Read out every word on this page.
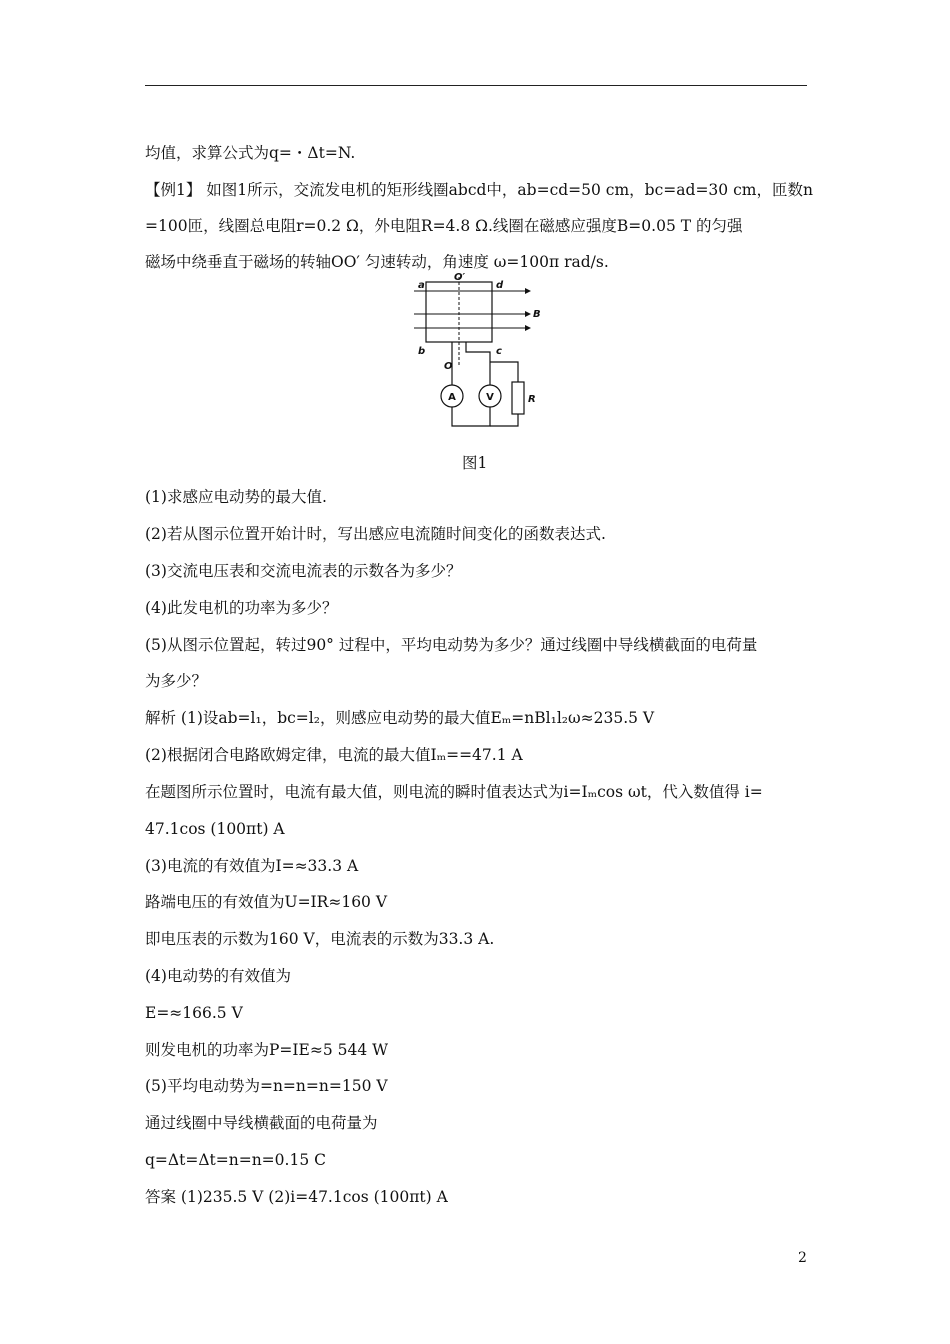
均值，求算公式为q=・Δt=N.
【例1】 如图1所示，交流发电机的矩形线圈abcd中，ab=cd=50 cm，bc=ad=30 cm，匝数n
=100匝，线圈总电阻r=0.2 Ω，外电阻R=4.8 Ω.线圈在磁感应强度B=0.05 T 的匀强
磁场中绕垂直于磁场的转轴OO′ 匀速转动，角速度 ω=100π rad/s.
a	d
b	c
O′
O
B
R
A	V
图1
(1)求感应电动势的最大值.
(2)若从图示位置开始计时，写出感应电流随时间变化的函数表达式.
(3)交流电压表和交流电流表的示数各为多少？
(4)此发电机的功率为多少？
(5)从图示位置起，转过90° 过程中，平均电动势为多少？通过线圈中导线横截面的电荷量
为多少？
解析 (1)设ab=l₁，bc=l₂，则感应电动势的最大值Eₘ=nBl₁l₂ω≈235.5 V
(2)根据闭合电路欧姆定律，电流的最大值Iₘ==47.1 A
在题图所示位置时，电流有最大值，则电流的瞬时值表达式为i=Iₘcos ωt，代入数值得 i=
47.1cos (100πt) A
(3)电流的有效值为I=≈33.3 A
路端电压的有效值为U=IR≈160 V
即电压表的示数为160 V，电流表的示数为33.3 A.
(4)电动势的有效值为
E=≈166.5 V
则发电机的功率为P=IE≈5 544 W
(5)平均电动势为=n=n=n=150 V
通过线圈中导线横截面的电荷量为
q=Δt=Δt=n=n=0.15 C
答案 (1)235.5 V (2)i=47.1cos (100πt) A
2
